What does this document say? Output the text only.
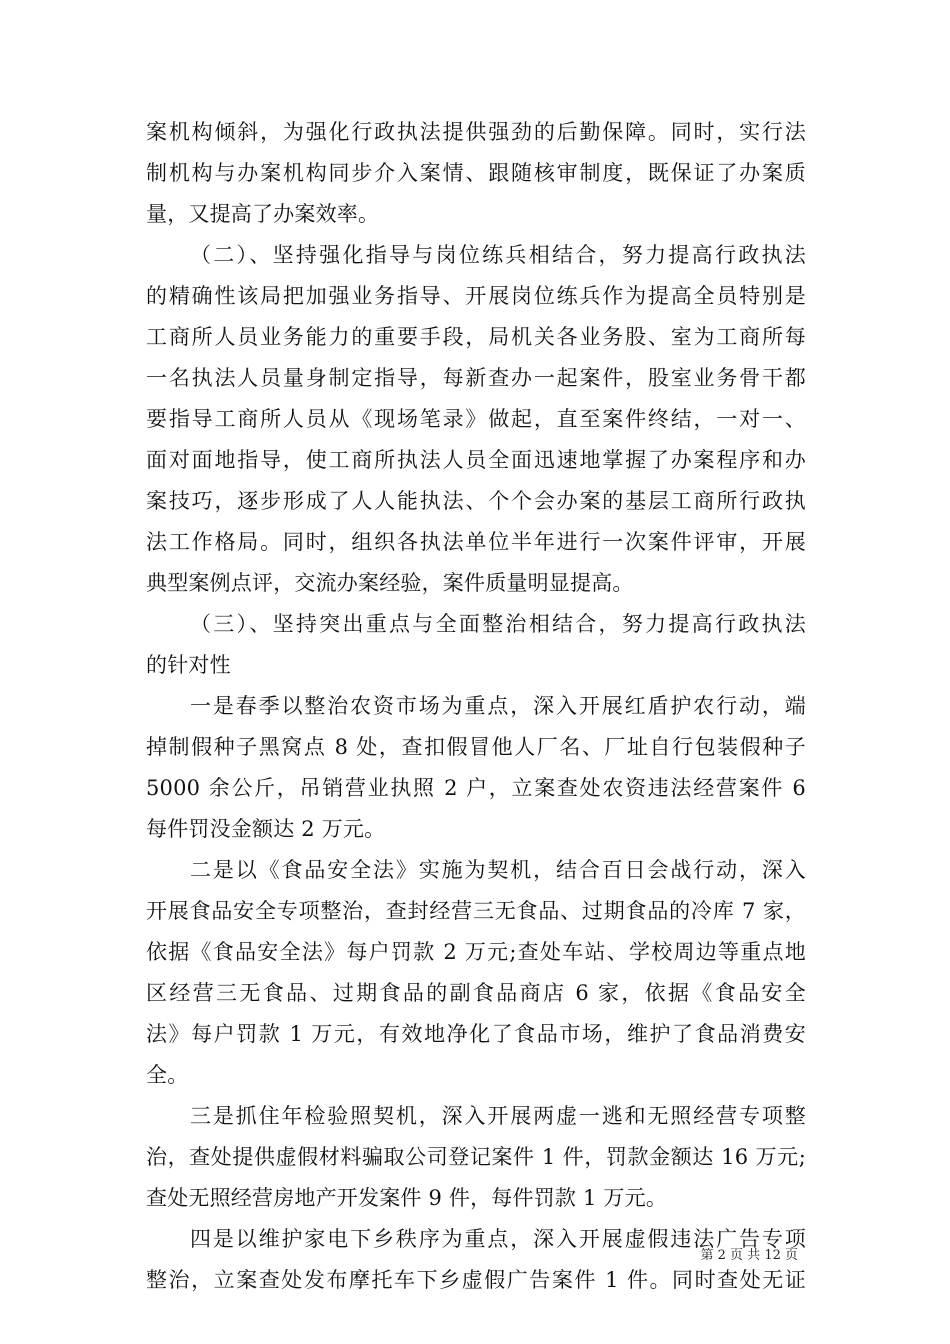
案机构倾斜，为强化行政执法提供强劲的后勤保障。同时，实行法
制机构与办案机构同步介入案情、跟随核审制度，既保证了办案质
量，又提高了办案效率。
（二）、坚持强化指导与岗位练兵相结合，努力提高行政执法
的精确性该局把加强业务指导、开展岗位练兵作为提高全员特别是
工商所人员业务能力的重要手段，局机关各业务股、室为工商所每
一名执法人员量身制定指导，每新查办一起案件，股室业务骨干都
要指导工商所人员从《现场笔录》做起，直至案件终结，一对一、
面对面地指导，使工商所执法人员全面迅速地掌握了办案程序和办
案技巧，逐步形成了人人能执法、个个会办案的基层工商所行政执
法工作格局。同时，组织各执法单位半年进行一次案件评审，开展
典型案例点评，交流办案经验，案件质量明显提高。
（三）、坚持突出重点与全面整治相结合，努力提高行政执法
的针对性
一是春季以整治农资市场为重点，深入开展红盾护农行动，端
掉制假种子黑窝点 8 处，查扣假冒他人厂名、厂址自行包装假种子
5000 余公斤，吊销营业执照 2 户，立案查处农资违法经营案件 6
每件罚没金额达 2 万元。
二是以《食品安全法》实施为契机，结合百日会战行动，深入
开展食品安全专项整治，查封经营三无食品、过期食品的冷库 7 家，
依据《食品安全法》每户罚款 2 万元;查处车站、学校周边等重点地
区经营三无食品、过期食品的副食品商店 6 家，依据《食品安全
法》每户罚款 1 万元，有效地净化了食品市场，维护了食品消费安
全。
三是抓住年检验照契机，深入开展两虚一逃和无照经营专项整
治，查处提供虚假材料骗取公司登记案件 1 件，罚款金额达 16 万元;
查处无照经营房地产开发案件 9 件，每件罚款 1 万元。
四是以维护家电下乡秩序为重点，深入开展虚假违法广告专项
整治，立案查处发布摩托车下乡虚假广告案件 1 件。同时查处无证
第 2 页 共 12 页
